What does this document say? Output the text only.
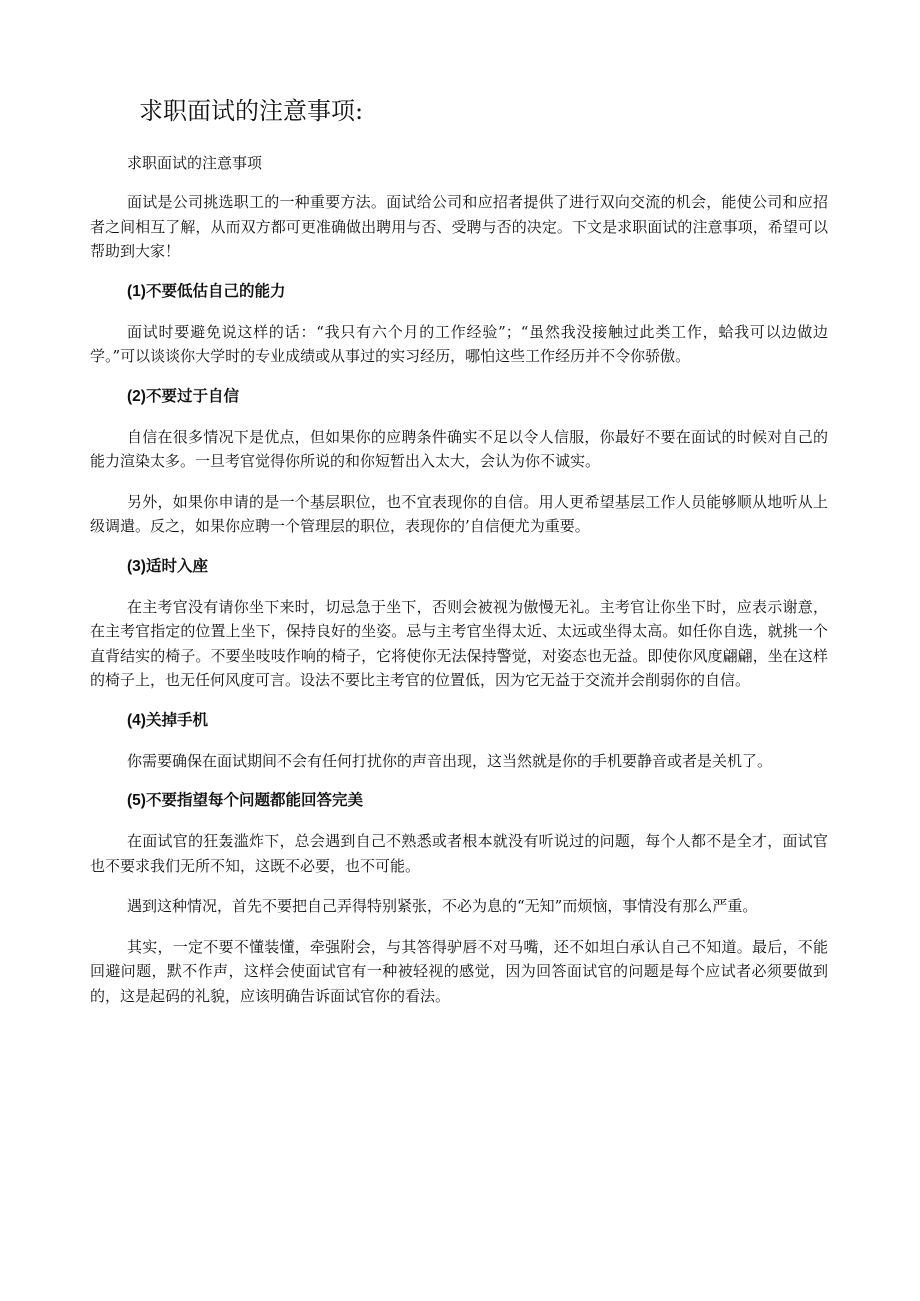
求职面试的注意事项:

求职面试的注意事项

面试是公司挑选职工的一种重要方法。面试给公司和应招者提供了进行双向交流的机会，能使公司和应招者之间相互了解，从而双方都可更准确做出聘用与否、受聘与否的决定。下文是求职面试的注意事项，希望可以帮助到大家！

(1)不要低估自己的能力

面试时要避免说这样的话：“我只有六个月的工作经验”；“虽然我没接触过此类工作，蛤我可以边做边学。”可以谈谈你大学时的专业成绩或从事过的实习经历，哪怕这些工作经历并不令你骄傲。

(2)不要过于自信

自信在很多情况下是优点，但如果你的应聘条件确实不足以令人信服，你最好不要在面试的时候对自己的能力渲染太多。一旦考官觉得你所说的和你短暂出入太大，会认为你不诚实。

另外，如果你申请的是一个基层职位，也不宜表现你的自信。用人更希望基层工作人员能够顺从地听从上级调遣。反之，如果你应聘一个管理层的职位，表现你的’自信便尤为重要。

(3)适时入座

在主考官没有请你坐下来时，切忌急于坐下，否则会被视为傲慢无礼。主考官让你坐下时，应表示谢意，在主考官指定的位置上坐下，保持良好的坐姿。忌与主考官坐得太近、太远或坐得太高。如任你自选，就挑一个直背结实的椅子。不要坐吱吱作响的椅子，它将使你无法保持警觉，对姿态也无益。即使你风度翩翩，坐在这样的椅子上，也无任何风度可言。设法不要比主考官的位置低，因为它无益于交流并会削弱你的自信。

(4)关掉手机

你需要确保在面试期间不会有任何打扰你的声音出现，这当然就是你的手机要静音或者是关机了。

(5)不要指望每个问题都能回答完美

在面试官的狂轰滥炸下，总会遇到自己不熟悉或者根本就没有听说过的问题，每个人都不是全才，面试官也不要求我们无所不知，这既不必要，也不可能。

遇到这种情况，首先不要把自己弄得特别紧张，不必为息的“无知”而烦恼，事情没有那么严重。

其实，一定不要不懂装懂，牵强附会，与其答得驴唇不对马嘴，还不如坦白承认自己不知道。最后，不能回避问题，默不作声，这样会使面试官有一种被轻视的感觉，因为回答面试官的问题是每个应试者必须要做到的，这是起码的礼貌，应该明确告诉面试官你的看法。
